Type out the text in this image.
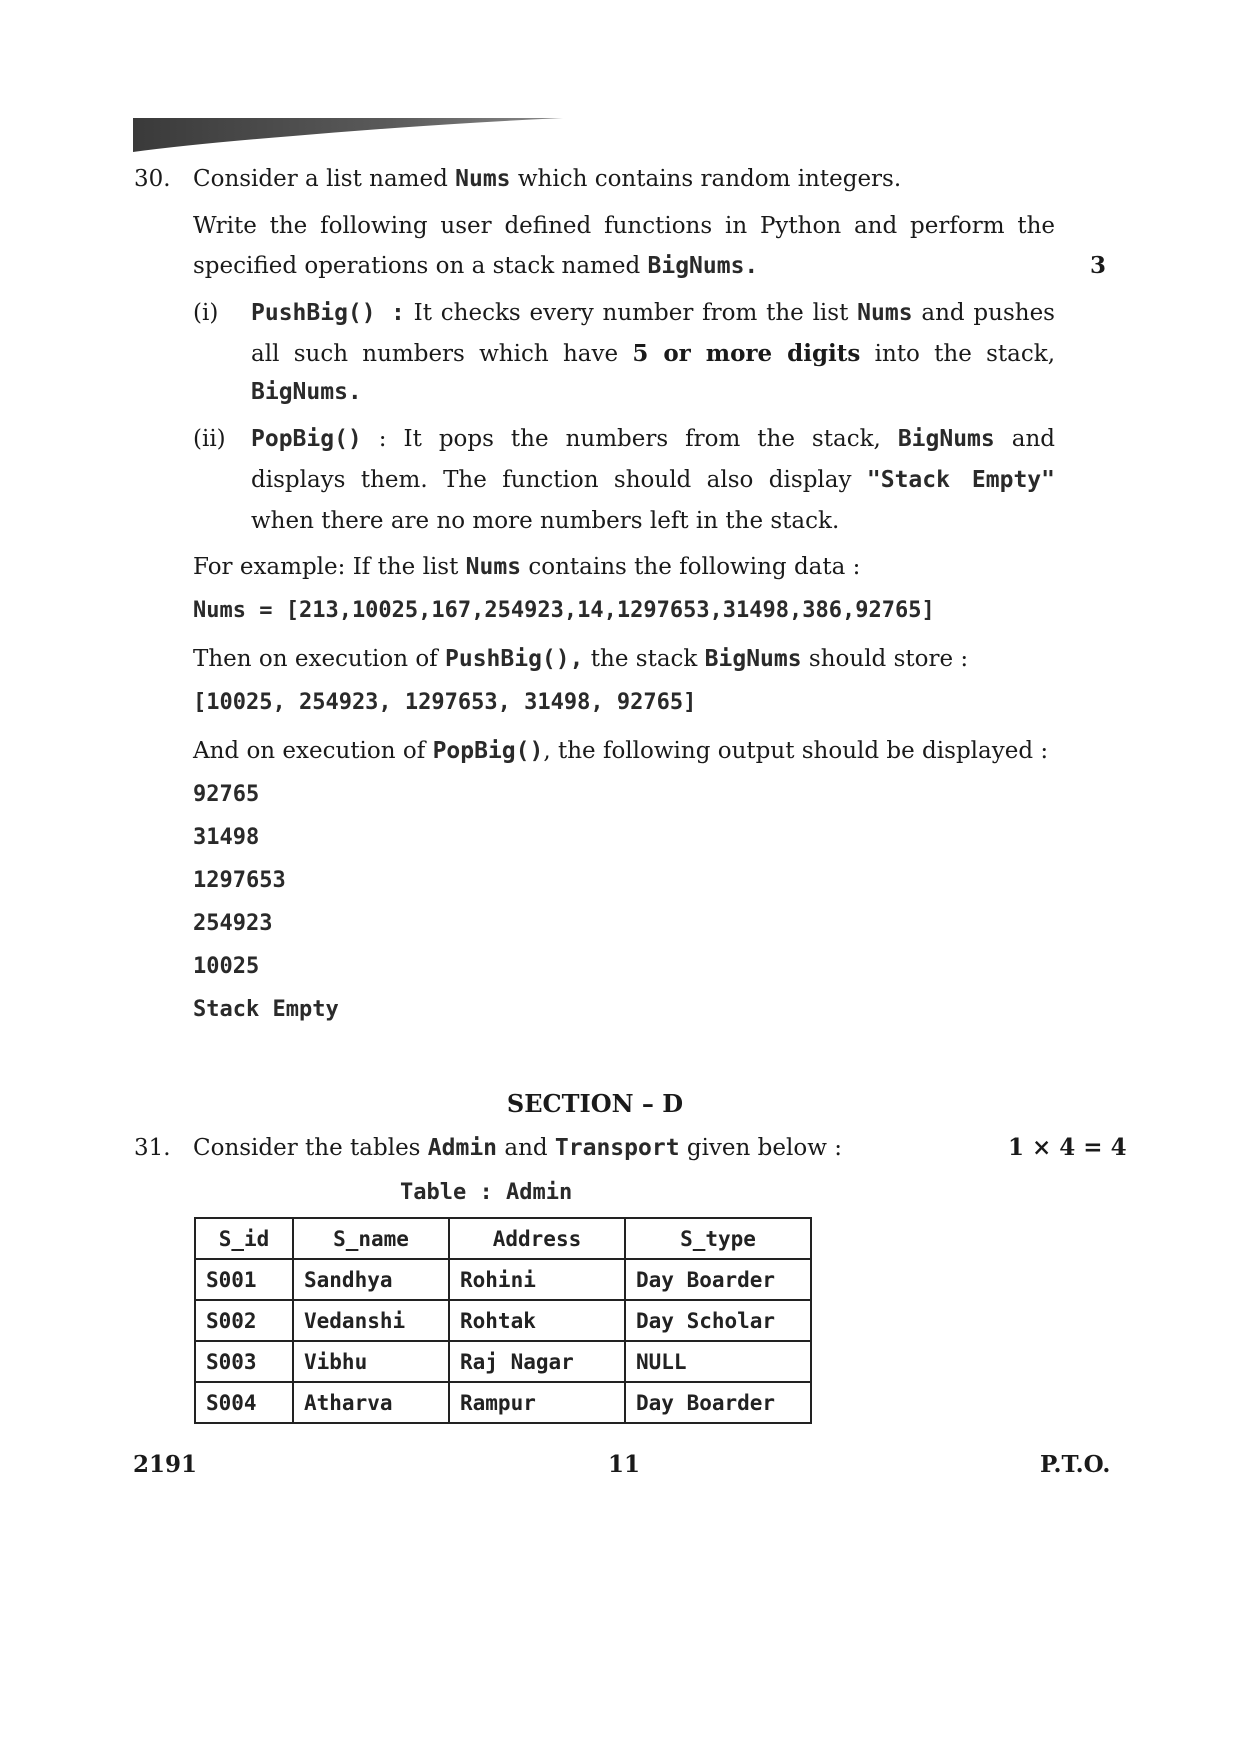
30. Consider a list named Nums which contains random integers.
Write the following user defined functions in Python and perform the
specified operations on a stack named BigNums.	3
(i) PushBig() : It checks every number from the list Nums and pushes
all such numbers which have 5 or more digits into the stack,
BigNums.
(ii) PopBig() : It pops the numbers from the stack, BigNums and
displays them. The function should also display "Stack Empty"
when there are no more numbers left in the stack.
For example: If the list Nums contains the following data :
Nums = [213,10025,167,254923,14,1297653,31498,386,92765]
Then on execution of PushBig(), the stack BigNums should store :
[10025, 254923, 1297653, 31498, 92765]
And on execution of PopBig(), the following output should be displayed :
92765
31498
1297653
254923
10025
Stack Empty
SECTION – D
31. Consider the tables Admin and Transport given below :	1 × 4 = 4
Table : Admin
S_id	S_name	Address	S_type
S001	Sandhya	Rohini	Day Boarder
S002	Vedanshi	Rohtak	Day Scholar
S003	Vibhu	Raj Nagar	NULL
S004	Atharva	Rampur	Day Boarder
2191	11	P.T.O.
